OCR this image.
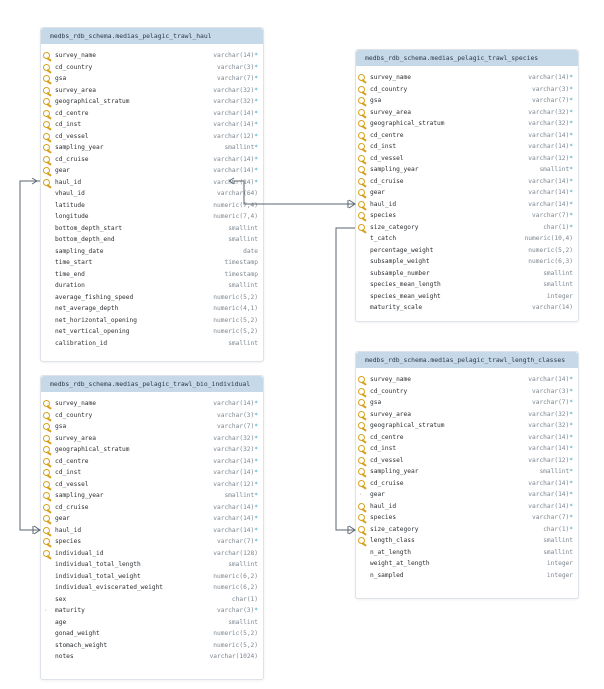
medbs_rdb_schema.medias_pelagic_trawl_haul
survey_name	varchar(14)*
cd_country	varchar(3)*
gsa	varchar(7)*
survey_area	varchar(32)*
geographical_stratum	varchar(32)*
cd_centre	varchar(14)*
cd_inst	varchar(14)*
cd_vessel	varchar(12)*
sampling_year	smallint*
cd_cruise	varchar(14)*
gear	varchar(14)*
haul_id	varchar(14)*
vhaul_id	varchar(64)
latitude	numeric(7,4)
longitude	numeric(7,4)
bottom_depth_start	smallint
bottom_depth_end	smallint
sampling_date	date
time_start	timestamp
time_end	timestamp
duration	smallint
average_fishing_speed	numeric(5,2)
net_average_depth	numeric(4,1)
net_horizontal_opening	numeric(5,2)
net_vertical_opening	numeric(5,2)
calibration_id	smallint
medbs_rdb_schema.medias_pelagic_trawl_species
survey_name	varchar(14)*
cd_country	varchar(3)*
gsa	varchar(7)*
survey_area	varchar(32)*
geographical_stratum	varchar(32)*
cd_centre	varchar(14)*
cd_inst	varchar(14)*
cd_vessel	varchar(12)*
sampling_year	smallint*
cd_cruise	varchar(14)*
gear	varchar(14)*
haul_id	varchar(14)*
species	varchar(7)*
size_category	char(1)*
t_catch	numeric(10,4)
percentage_weight	numeric(5,2)
subsample_weight	numeric(6,3)
subsample_number	smallint
species_mean_length	smallint
species_mean_weight	integer
maturity_scale	varchar(14)
medbs_rdb_schema.medias_pelagic_trawl_bio_individual
survey_name	varchar(14)*
cd_country	varchar(3)*
gsa	varchar(7)*
survey_area	varchar(32)*
geographical_stratum	varchar(32)*
cd_centre	varchar(14)*
cd_inst	varchar(14)*
cd_vessel	varchar(12)*
sampling_year	smallint*
cd_cruise	varchar(14)*
gear	varchar(14)*
haul_id	varchar(14)*
species	varchar(7)*
individual_id	varchar(128)
individual_total_length	smallint
individual_total_weight	numeric(6,2)
individual_eviscerated_weight	numeric(6,2)
sex	char(1)
· maturity	varchar(3)*
age	smallint
gonad_weight	numeric(5,2)
stomach_weight	numeric(5,2)
notes	varchar(1024)
medbs_rdb_schema.medias_pelagic_trawl_length_classes
survey_name	varchar(14)*
cd_country	varchar(3)*
gsa	varchar(7)*
survey_area	varchar(32)*
geographical_stratum	varchar(32)*
cd_centre	varchar(14)*
cd_inst	varchar(14)*
cd_vessel	varchar(12)*
sampling_year	smallint*
cd_cruise	varchar(14)*
· gear	varchar(14)*
haul_id	varchar(14)*
species	varchar(7)*
size_category	char(1)*
length_class	smallint
n_at_length	smallint
weight_at_length	integer
n_sampled	integer
